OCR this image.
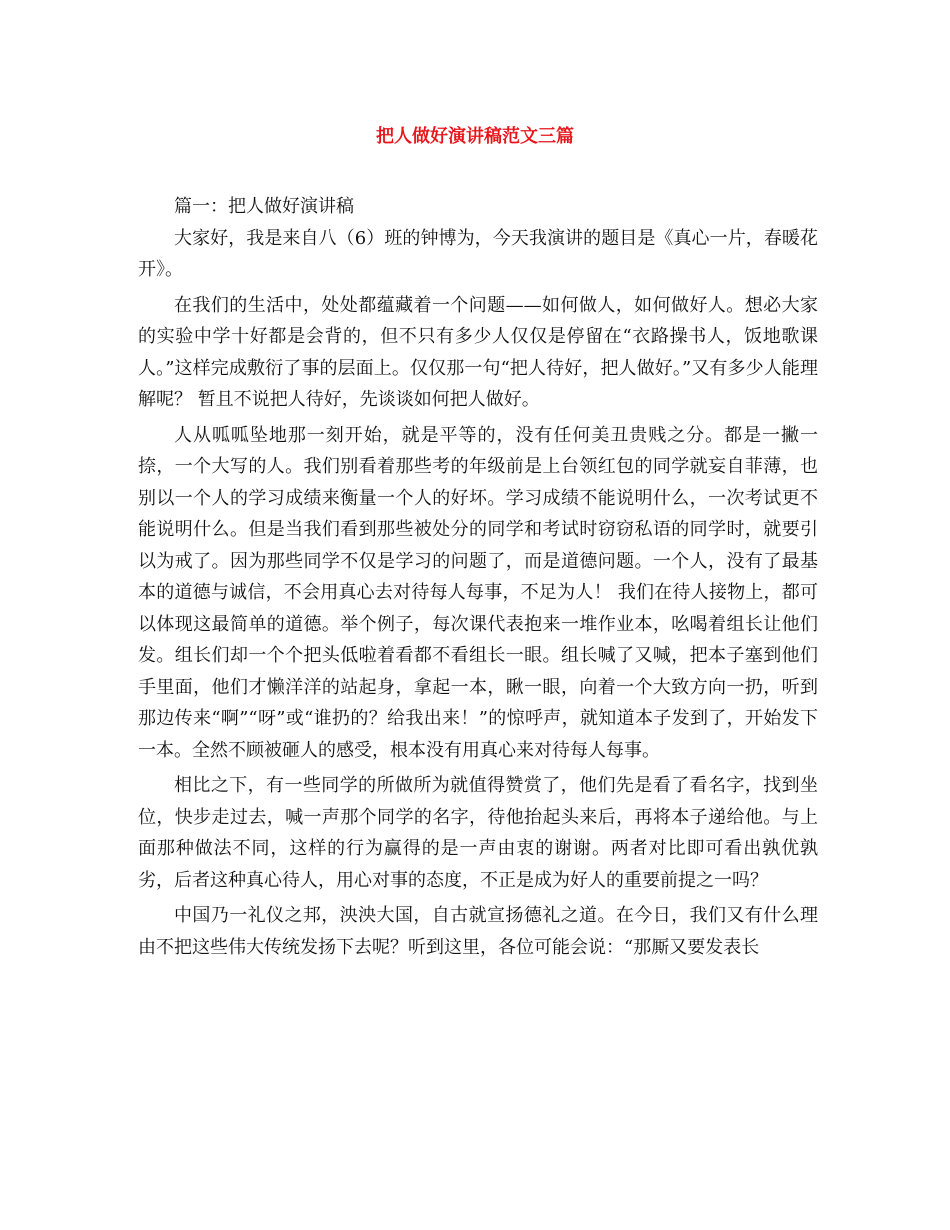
把人做好演讲稿范文三篇

篇一：把人做好演讲稿

大家好，我是来自八（6）班的钟博为，今天我演讲的题目是《真心一片，春暖花开》。

在我们的生活中，处处都蕴藏着一个问题——如何做人，如何做好人。想必大家的实验中学十好都是会背的，但不只有多少人仅仅是停留在“衣路操书人，饭地歌课人。”这样完成敷衍了事的层面上。仅仅那一句“把人待好，把人做好。”又有多少人能理解呢？ 暂且不说把人待好，先谈谈如何把人做好。

人从呱呱坠地那一刻开始，就是平等的，没有任何美丑贵贱之分。都是一撇一捺，一个大写的人。我们别看着那些考的年级前是上台领红包的同学就妄自菲薄，也别以一个人的学习成绩来衡量一个人的好坏。学习成绩不能说明什么，一次考试更不能说明什么。但是当我们看到那些被处分的同学和考试时窃窃私语的同学时，就要引以为戒了。因为那些同学不仅是学习的问题了，而是道德问题。一个人，没有了最基本的道德与诚信，不会用真心去对待每人每事，不足为人！ 我们在待人接物上，都可以体现这最简单的道德。举个例子，每次课代表抱来一堆作业本，吆喝着组长让他们发。组长们却一个个把头低啦着看都不看组长一眼。组长喊了又喊，把本子塞到他们手里面，他们才懒洋洋的站起身，拿起一本，瞅一眼，向着一个大致方向一扔，听到那边传来“啊”“呀”或“谁扔的？给我出来！”的惊呼声，就知道本子发到了，开始发下一本。全然不顾被砸人的感受，根本没有用真心来对待每人每事。

相比之下，有一些同学的所做所为就值得赞赏了，他们先是看了看名字，找到坐位，快步走过去，喊一声那个同学的名字，待他抬起头来后，再将本子递给他。与上面那种做法不同，这样的行为赢得的是一声由衷的谢谢。两者对比即可看出孰优孰劣，后者这种真心待人，用心对事的态度，不正是成为好人的重要前提之一吗？

中国乃一礼仪之邦，泱泱大国，自古就宣扬德礼之道。在今日，我们又有什么理由不把这些伟大传统发扬下去呢？听到这里，各位可能会说：“那厮又要发表长
